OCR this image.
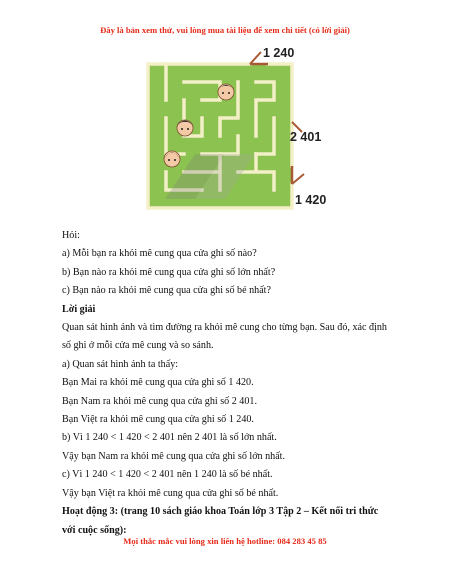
Đây là bản xem thử, vui lòng mua tài liệu để xem chi tiết (có lời giải)
1 240
2 401
1 420

Hỏi:

a) Mỗi bạn ra khỏi mê cung qua cửa ghi số nào?

b) Bạn nào ra khỏi mê cung qua cửa ghi số lớn nhất?

c) Bạn nào ra khỏi mê cung qua cửa ghi số bé nhất?

Lời giải

Quan sát hình ảnh và tìm đường ra khỏi mê cung cho từng bạn. Sau đó, xác định

số ghi ở mỗi cửa mê cung và so sánh.

a) Quan sát hình ảnh ta thấy:

Bạn Mai ra khỏi mê cung qua cửa ghi số 1 420.

Bạn Nam ra khỏi mê cung qua cửa ghi số 2 401.

Bạn Việt ra khỏi mê cung qua cửa ghi số 1 240.

b) Vì 1 240 < 1 420 < 2 401 nên 2 401 là số lớn nhất.

Vậy bạn Nam ra khỏi mê cung qua cửa ghi số lớn nhất.

c) Vì 1 240 < 1 420 < 2 401 nên 1 240 là số bé nhất.

Vậy bạn Việt ra khỏi mê cung qua cửa ghi số bé nhất.

Hoạt động 3: (trang 10 sách giáo khoa Toán lớp 3 Tập 2 – Kết nối tri thức

với cuộc sống):

Mọi thắc mắc vui lòng xin liên hệ hotline: 084 283 45 85
